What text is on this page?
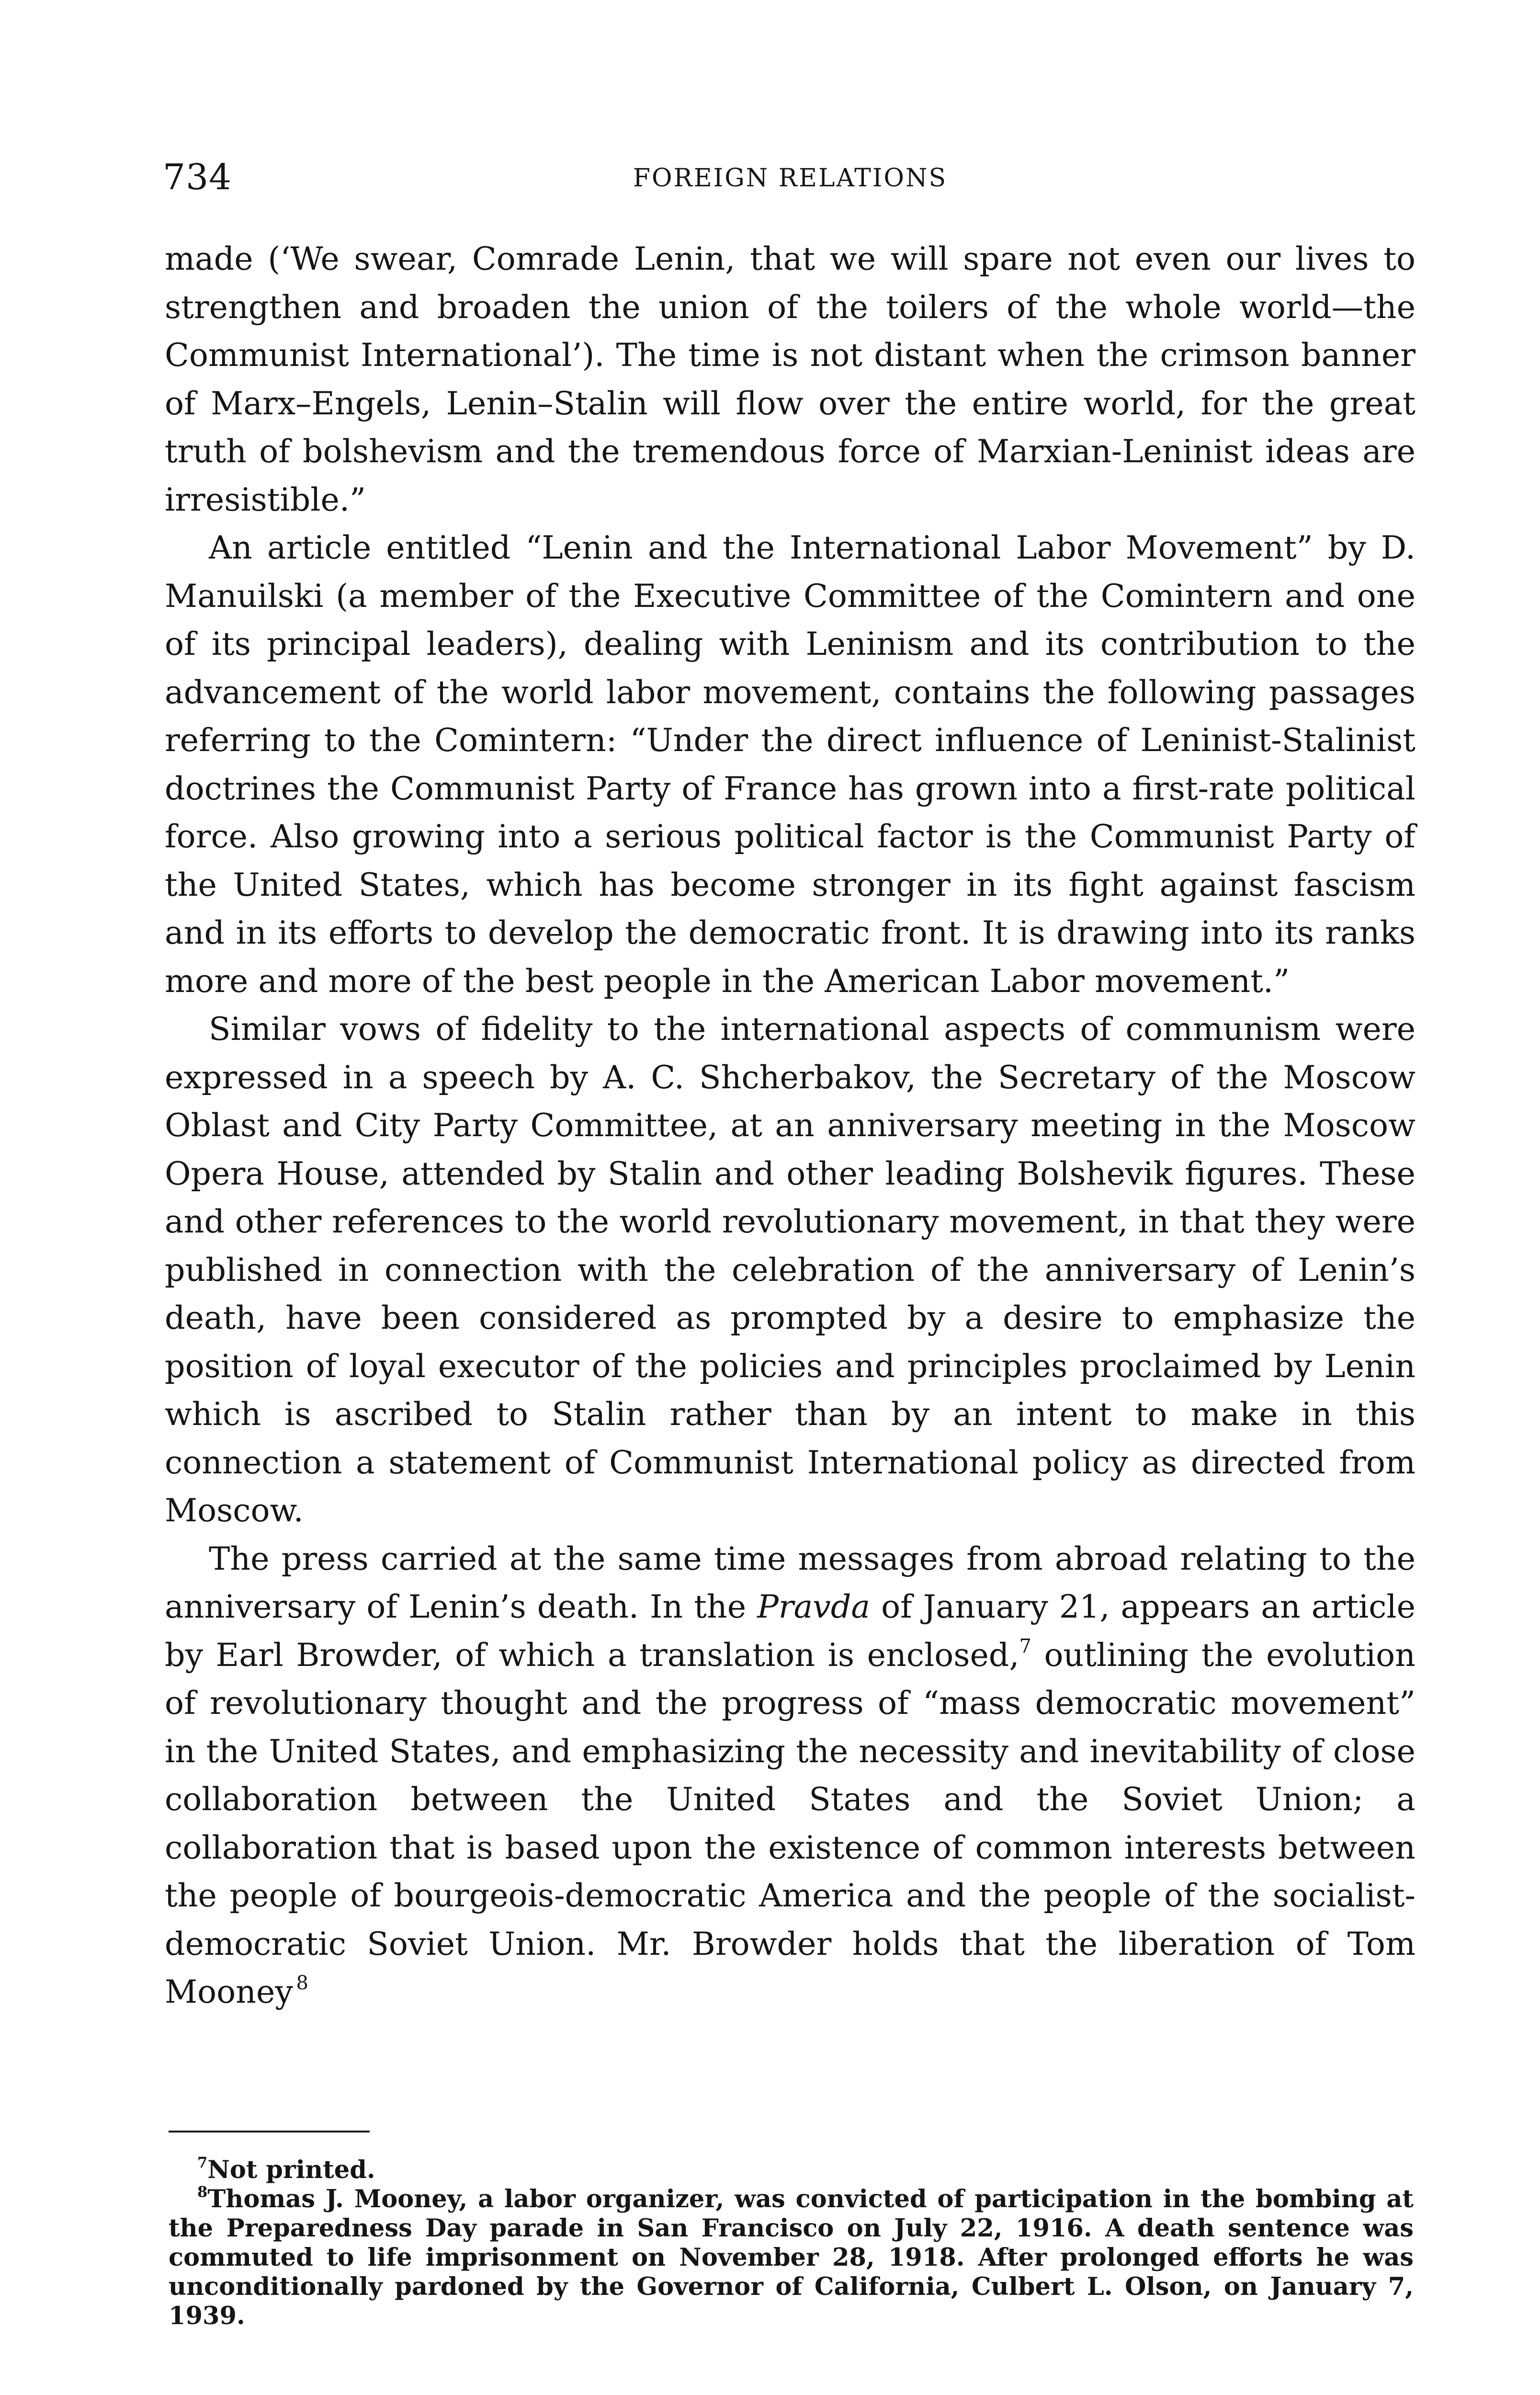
734	FOREIGN RELATIONS

made (‘We swear, Comrade Lenin, that we will spare not even our lives to strengthen and broaden the union of the toilers of the whole world—the Communist International’). The time is not distant when the crimson banner of Marx–Engels, Lenin–Stalin will flow over the entire world, for the great truth of bolshevism and the tremendous force of Marxian-Leninist ideas are irresistible.”

An article entitled “Lenin and the International Labor Movement” by D. Manuilski (a member of the Executive Committee of the Comintern and one of its principal leaders), dealing with Leninism and its contribution to the advancement of the world labor movement, contains the following passages referring to the Comintern: “Under the direct influence of Leninist-Stalinist doctrines the Communist Party of France has grown into a first-rate political force. Also growing into a serious political factor is the Communist Party of the United States, which has become stronger in its fight against fascism and in its efforts to develop the democratic front. It is drawing into its ranks more and more of the best people in the American Labor movement.”

Similar vows of fidelity to the international aspects of communism were expressed in a speech by A. C. Shcherbakov, the Secretary of the Moscow Oblast and City Party Committee, at an anniversary meeting in the Moscow Opera House, attended by Stalin and other leading Bolshevik figures. These and other references to the world revolutionary movement, in that they were published in connection with the celebration of the anniversary of Lenin’s death, have been considered as prompted by a desire to emphasize the position of loyal executor of the policies and principles proclaimed by Lenin which is ascribed to Stalin rather than by an intent to make in this connection a statement of Communist International policy as directed from Moscow.

The press carried at the same time messages from abroad relating to the anniversary of Lenin’s death. In the Pravda of January 21, appears an article by Earl Browder, of which a translation is enclosed,$^7$ outlining the evolution of revolutionary thought and the progress of “mass democratic movement” in the United States, and emphasizing the necessity and inevitability of close collaboration between the United States and the Soviet Union; a collaboration that is based upon the existence of common interests between the people of bourgeois-democratic America and the people of the socialist-democratic Soviet Union. Mr. Browder holds that the liberation of Tom Mooney  $^8$

$^7$Not printed.

$^8$Thomas J. Mooney, a labor organizer, was convicted of participation in the bombing at the Preparedness Day parade in San Francisco on July 22, 1916. A death sentence was commuted to life imprisonment on November 28, 1918. After prolonged efforts he was unconditionally pardoned by the Governor of California, Culbert L. Olson, on January 7, 1939.
